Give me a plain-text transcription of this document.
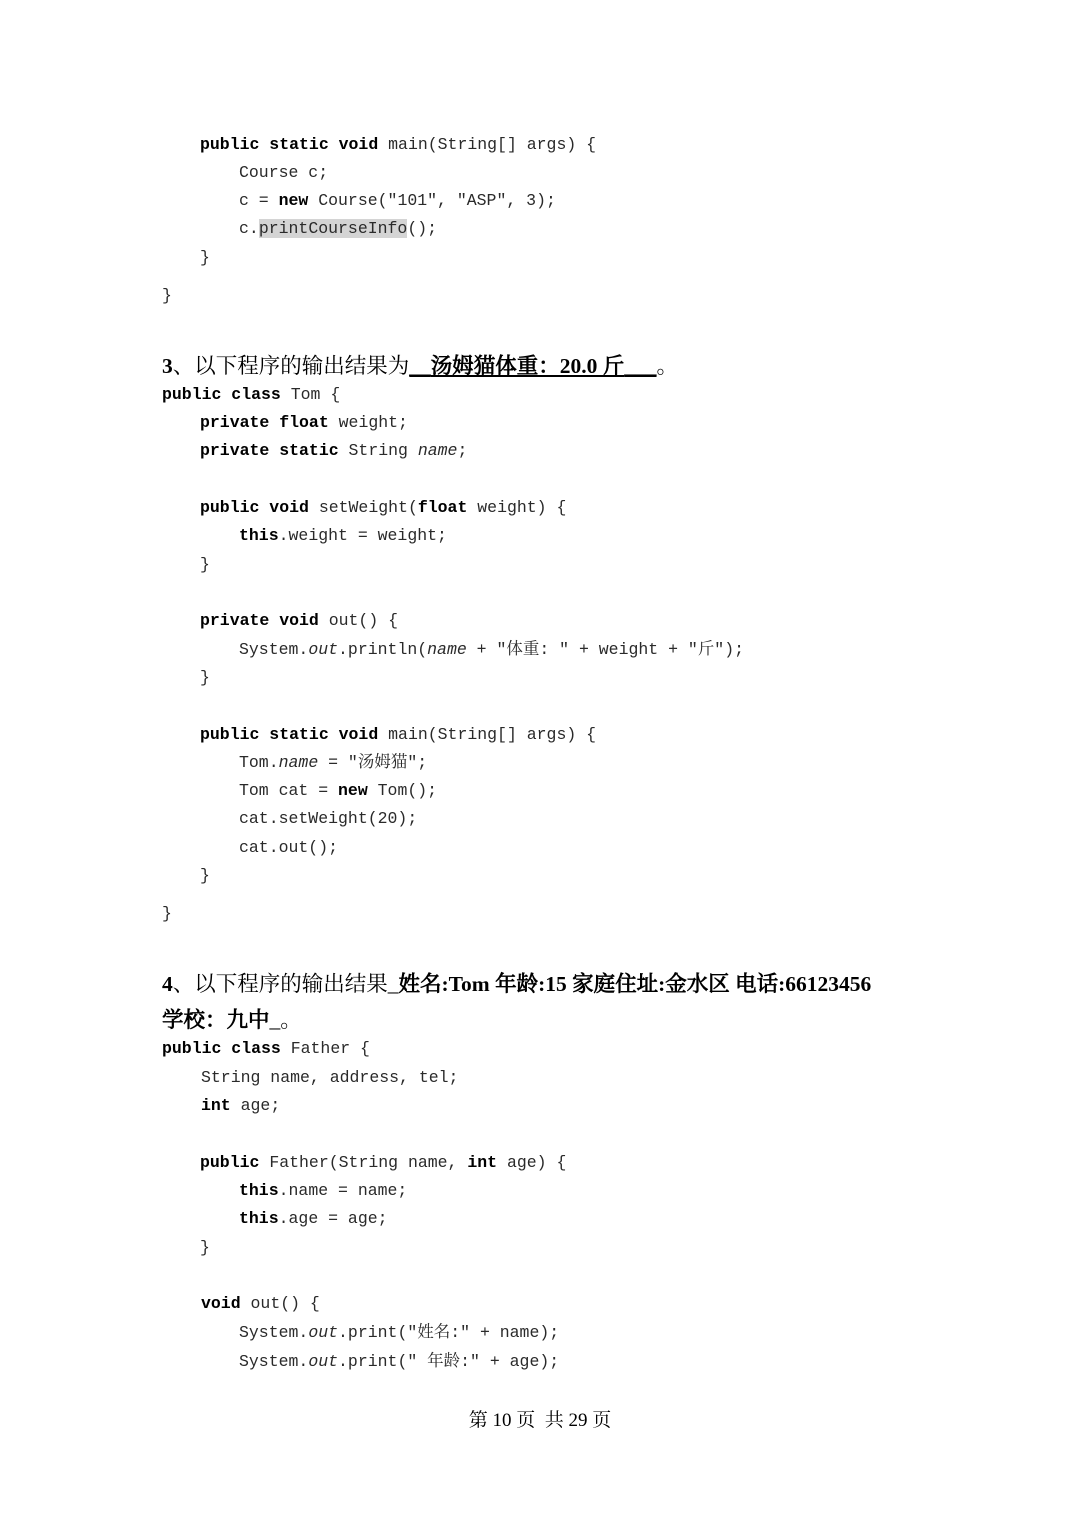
public static void main(String[] args) {
Course c;
c = new Course("101", "ASP", 3);
c.printCourseInfo();
}
}
3、以下程序的输出结果为__汤姆猫体重：20.0 斤___。
public class Tom {
private float weight;
private static String name;
public void setWeight(float weight) {
this.weight = weight;
}
private void out() {
System.out.println(name + "体重: " + weight + "斤");
}
public static void main(String[] args) {
Tom.name = "汤姆猫";
Tom cat = new Tom();
cat.setWeight(20);
cat.out();
}
}
4、以下程序的输出结果_姓名:Tom 年龄:15 家庭住址:金水区 电话:66123456
学校：九中_。
public class Father {
String name, address, tel;
int age;
public Father(String name, int age) {
this.name = name;
this.age = age;
}
void out() {
System.out.print("姓名:" + name);
System.out.print(" 年龄:" + age);
第 10 页  共 29 页
